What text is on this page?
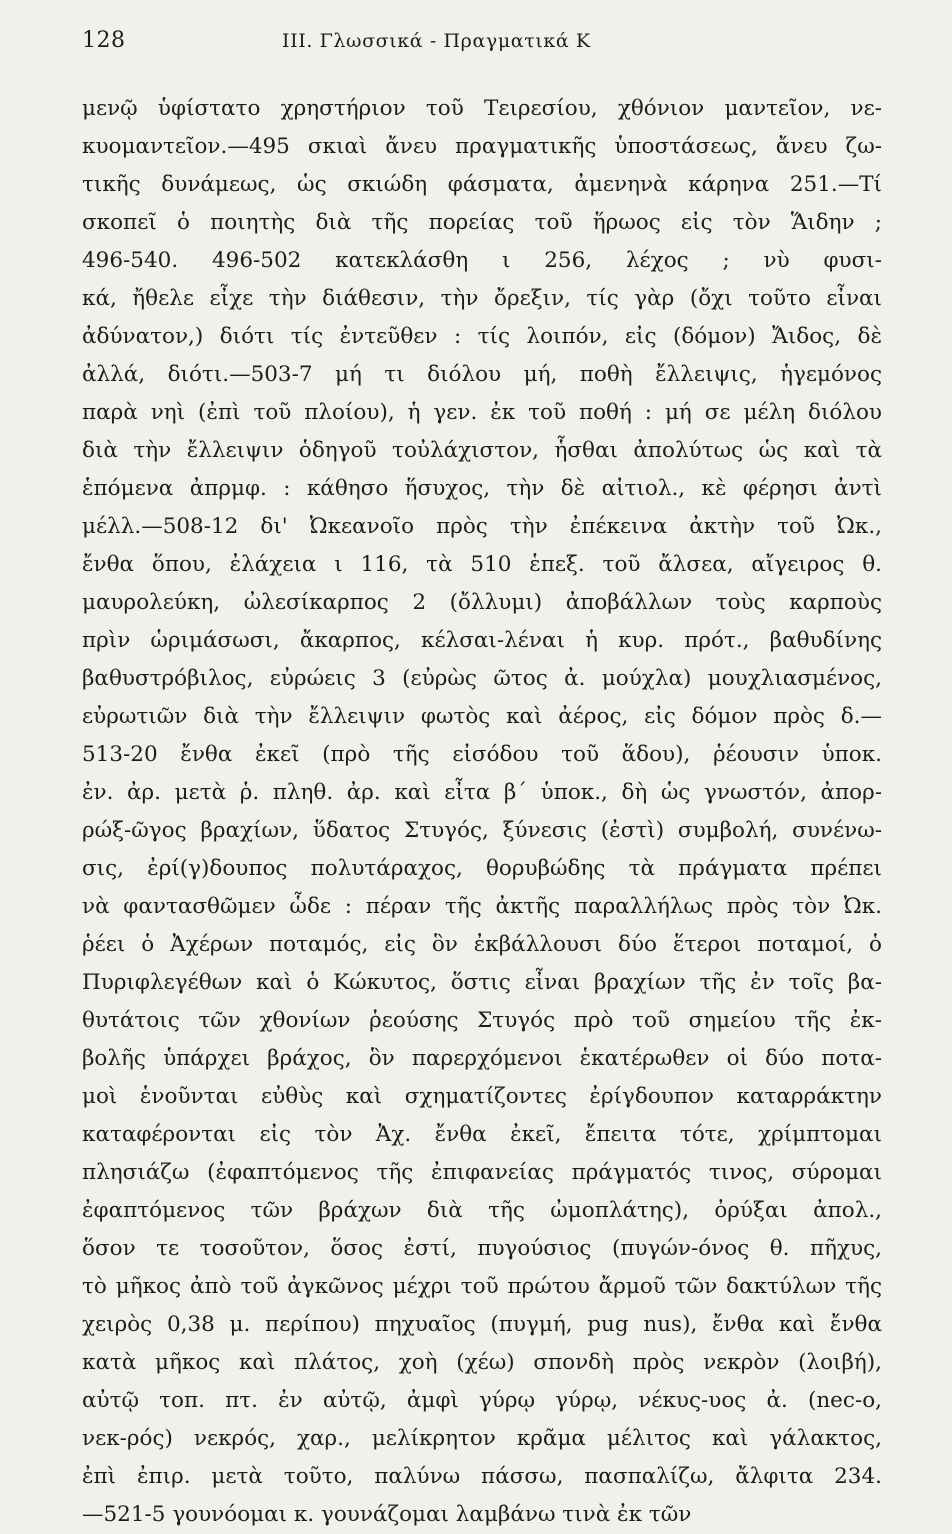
128	III. Γλωσσικά - Πραγματικά Κ
μενῷ ὑφίστατο χρηστήριον τοῦ Τειρεσίου, χθόνιον μαντεῖον, νε-
κυομαντεῖον.—495 σκιαὶ ἄνευ πραγματικῆς ὑποστάσεως, ἄνευ ζω-
τικῆς δυνάμεως, ὡς σκιώδη φάσματα, ἀμενηνὰ κάρηνα 251.—Τί
σκοπεῖ ὁ ποιητὴς διὰ τῆς πορείας τοῦ ἥρωος εἰς τὸν Ἅιδην ;
496-540. 496-502 κατεκλάσθη ι 256, λέχος ; νὺ φυσι-
κά, ἤθελε εἶχε τὴν διάθεσιν, τὴν ὄρεξιν, τίς γὰρ (ὄχι τοῦτο εἶναι
ἀδύνατον,) διότι τίς ἐντεῦθεν : τίς λοιπόν, εἰς (δόμον) Ἄιδος, δὲ
ἀλλά, διότι.—503-7 μή τι διόλου μή, ποθὴ ἔλλειψις, ἡγεμόνος
παρὰ νηὶ (ἐπὶ τοῦ πλοίου), ἡ γεν. ἐκ τοῦ ποθή : μή σε μέλη διόλου
διὰ τὴν ἔλλειψιν ὁδηγοῦ τοὐλάχιστον, ἧσθαι ἀπολύτως ὡς καὶ τὰ
ἑπόμενα ἀπρμφ. : κάθησο ἥσυχος, τὴν δὲ αἰτιολ., κὲ φέρησι ἀντὶ
μέλλ.—508-12 δι' Ὠκεανοῖο πρὸς τὴν ἐπέκεινα ἀκτὴν τοῦ Ὠκ.,
ἔνθα ὅπου, ἐλάχεια ι 116, τὰ 510 ἑπεξ. τοῦ ἄλσεα, αἴγειρος θ.
μαυρολεύκη, ὠλεσίκαρπος 2 (ὄλλυμι) ἀποβάλλων τοὺς καρποὺς
πρὶν ὡριμάσωσι, ἄκαρπος, κέλσαι-λέναι ἡ κυρ. πρότ., βαθυδίνης
βαθυστρόβιλος, εὐρώεις 3 (εὐρὼς ῶτος ἀ. μούχλα) μουχλιασμένος,
εὐρωτιῶν διὰ τὴν ἔλλειψιν φωτὸς καὶ ἀέρος, εἰς δόμον πρὸς δ.—
513-20 ἔνθα ἐκεῖ (πρὸ τῆς εἰσόδου τοῦ ἅδου), ῥέουσιν ὑποκ.
ἐν. ἀρ. μετὰ ῥ. πληθ. ἀρ. καὶ εἶτα β΄ ὑποκ., δὴ ὡς γνωστόν, ἀπορ-
ρώξ-ῶγος βραχίων, ὕδατος Στυγός, ξύνεσις (ἐστὶ) συμβολή, συνένω-
σις, ἐρί(γ)δουπος πολυτάραχος, θορυβώδης τὰ πράγματα πρέπει
νὰ φαντασθῶμεν ὧδε : πέραν τῆς ἀκτῆς παραλλήλως πρὸς τὸν Ὠκ.
ῥέει ὁ Ἀχέρων ποταμός, εἰς ὃν ἐκβάλλουσι δύο ἕτεροι ποταμοί, ὁ
Πυριφλεγέθων καὶ ὁ Κώκυτος, ὅστις εἶναι βραχίων τῆς ἐν τοῖς βα-
θυτάτοις τῶν χθονίων ῥεούσης Στυγός πρὸ τοῦ σημείου τῆς ἐκ-
βολῆς ὑπάρχει βράχος, ὃν παρερχόμενοι ἑκατέρωθεν οἱ δύο ποτα-
μοὶ ἑνοῦνται εὐθὺς καὶ σχηματίζοντες ἐρίγδουπον καταρράκτην
καταφέρονται εἰς τὸν Ἀχ. ἔνθα ἐκεῖ, ἔπειτα τότε, χρίμπτομαι
πλησιάζω (ἐφαπτόμενος τῆς ἐπιφανείας πράγματός τινος, σύρομαι
ἐφαπτόμενος τῶν βράχων διὰ τῆς ὠμοπλάτης), ὀρύξαι ἀπολ.,
ὅσον τε τοσοῦτον, ὅσος ἐστί, πυγούσιος (πυγών-όνος θ. πῆχυς,
τὸ μῆκος ἀπὸ τοῦ ἀγκῶνος μέχρι τοῦ πρώτου ἄρμοῦ τῶν δακτύλων τῆς
χειρὸς 0,38 μ. περίπου) πηχυαῖος (πυγμή, pug nus), ἔνθα καὶ ἔνθα
κατὰ μῆκος καὶ πλάτος, χοὴ (χέω) σπονδὴ πρὸς νεκρὸν (λοιβή),
αὐτῷ τοπ. πτ. ἐν αὐτῷ, ἀμφὶ γύρῳ γύρῳ, νέκυς-υος ἀ. (nec-o,
νεκ-ρός) νεκρός, χαρ., μελίκρητον κρᾶμα μέλιτος καὶ γάλακτος,
ἐπὶ ἐπιρ. μετὰ τοῦτο, παλύνω πάσσω, πασπαλίζω, ἄλφιτα 234.
—521-5 γουνόομαι κ. γουνάζομαι λαμβάνω τινὰ ἐκ τῶν
